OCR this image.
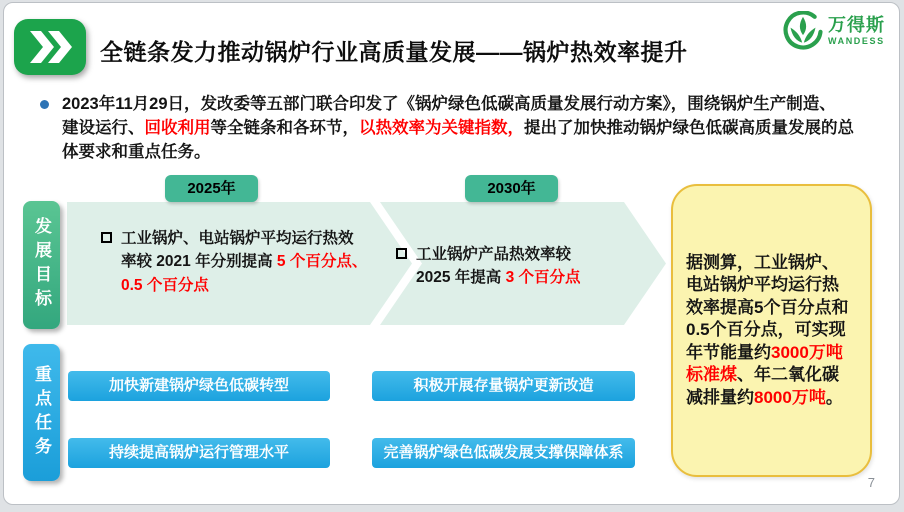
全链条发力推动锅炉行业高质量发展——锅炉热效率提升
万得斯
WANDESS
2023年11月29日，发改委等五部门联合印发了《锅炉绿色低碳高质量发展行动方案》，围绕锅炉生产制造、
建设运行、回收利用等全链条和各环节，以热效率为关键指数，提出了加快推动锅炉绿色低碳高质量发展的总
体要求和重点任务。
发展目标
2025年	2030年
工业锅炉、电站锅炉平均运行热效
率较 2021 年分别提高 5 个百分点、
0.5 个百分点
工业锅炉产品热效率较
2025 年提高 3 个百分点
重点任务	加快新建锅炉绿色低碳转型	积极开展存量锅炉更新改造
持续提高锅炉运行管理水平	完善锅炉绿色低碳发展支撑保障体系
据测算，工业锅炉、
电站锅炉平均运行热
效率提高5个百分点和
0.5个百分点，可实现
年节能量约3000万吨
标准煤、年二氧化碳
减排量约8000万吨。
7
